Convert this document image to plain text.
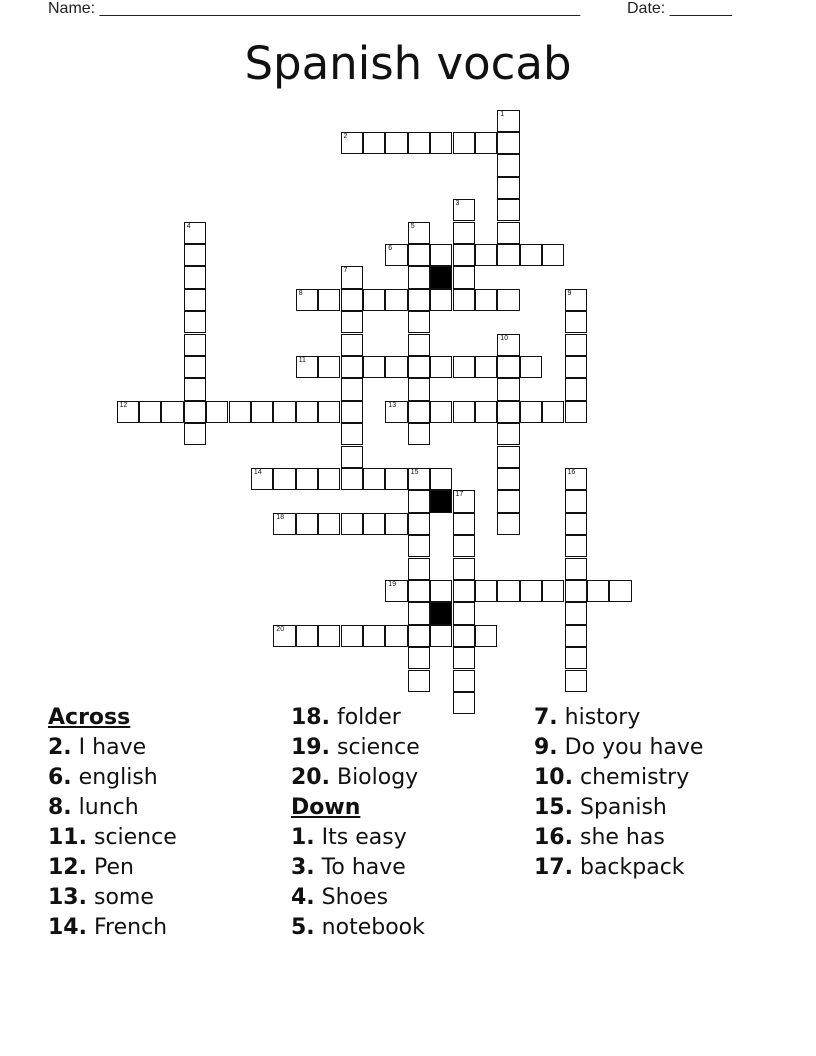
Name: ______________________________________________________	Date: _______
Spanish vocab
1
2
3
4	5
6
7
8	9
10
11
12	13
14	15	16
17
18
19
20
Across
2. I have
6. english
8. lunch
11. science
12. Pen
13. some
14. French
18. folder
19. science
20. Biology
Down
1. Its easy
3. To have
4. Shoes
5. notebook
7. history
9. Do you have
10. chemistry
15. Spanish
16. she has
17. backpack
